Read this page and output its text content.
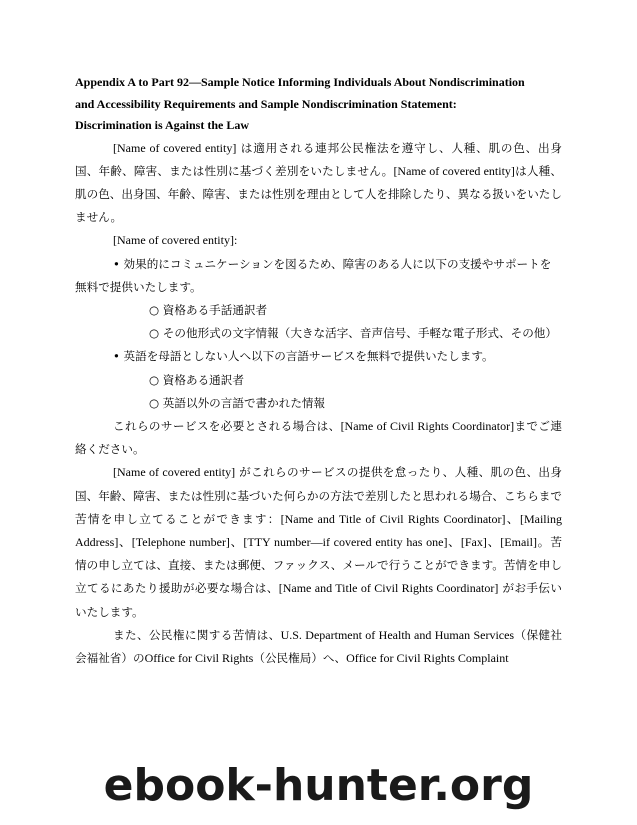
Appendix A to Part 92—Sample Notice Informing Individuals About Nondiscrimination
and Accessibility Requirements and Sample Nondiscrimination Statement:
Discrimination is Against the Law

[Name of covered entity] は適用される連邦公民権法を遵守し、人種、肌の色、出身国、年齢、障害、または性別に基づく差別をいたしません。[Name of covered entity]は人種、肌の色、出身国、年齢、障害、または性別を理由として人を排除したり、異なる扱いをいたしません。

[Name of covered entity]:

• 効果的にコミュニケーションを図るため、障害のある人に以下の支援やサポートを無料で提供いたします。

○ 資格ある手話通訳者

○ その他形式の文字情報（大きな活字、音声信号、手軽な電子形式、その他）

• 英語を母語としない人へ以下の言語サービスを無料で提供いたします。

○ 資格ある通訳者

○ 英語以外の言語で書かれた情報

これらのサービスを必要とされる場合は、[Name of Civil Rights Coordinator]までご連絡ください。

[Name of covered entity] がこれらのサービスの提供を怠ったり、人種、肌の色、出身国、年齢、障害、または性別に基づいた何らかの方法で差別したと思われる場合、こちらまで苦情を申し立てることができます：[Name and Title of Civil Rights Coordinator]、[Mailing Address]、[Telephone number]、[TTY number—if covered entity has one]、[Fax]、[Email]。苦情の申し立ては、直接、または郵便、ファックス、メールで行うことができます。苦情を申し立てるにあたり援助が必要な場合は、[Name and Title of Civil Rights Coordinator] がお手伝いいたします。

また、公民権に関する苦情は、U.S. Department of Health and Human Services（保健社会福祉省）のOffice for Civil Rights（公民権局）へ、Office for Civil Rights Complaint

ebook-hunter.org
